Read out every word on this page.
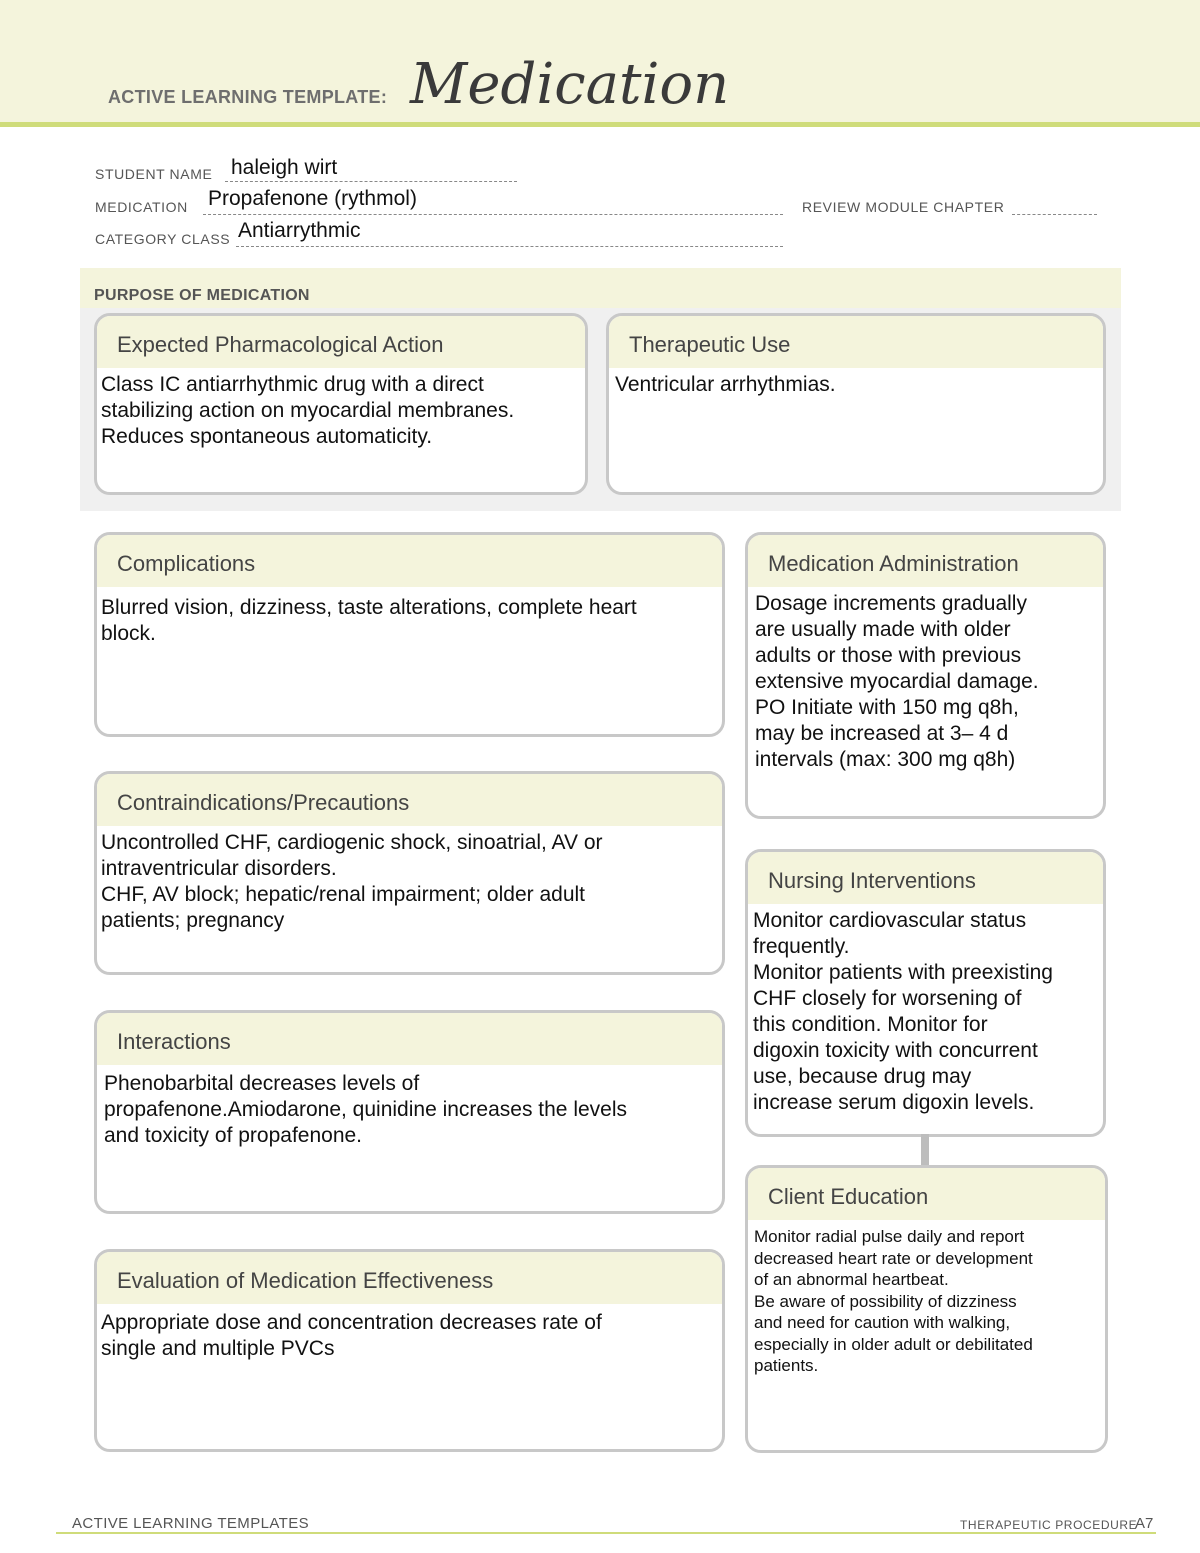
ACTIVE LEARNING TEMPLATE: Medication
STUDENT NAME haleigh wirt
MEDICATION Propafenone (rythmol)	REVIEW MODULE CHAPTER
CATEGORY CLASS Antiarrythmic
PURPOSE OF MEDICATION
Expected Pharmacological Action
Class IC antiarrhythmic drug with a direct
stabilizing action on myocardial membranes.
Reduces spontaneous automaticity.
Therapeutic Use
Ventricular arrhythmias.
Complications
Blurred vision, dizziness, taste alterations, complete heart
block.
Contraindications/Precautions
Uncontrolled CHF, cardiogenic shock, sinoatrial, AV or
intraventricular disorders.
CHF, AV block; hepatic/renal impairment; older adult
patients; pregnancy
Interactions
Phenobarbital decreases levels of
propafenone.Amiodarone, quinidine increases the levels
and toxicity of propafenone.
Evaluation of Medication Effectiveness
Appropriate dose and concentration decreases rate of
single and multiple PVCs
Medication Administration
Dosage increments gradually
are usually made with older
adults or those with previous
extensive myocardial damage.
PO Initiate with 150 mg q8h,
may be increased at 3– 4 d
intervals (max: 300 mg q8h)
Nursing Interventions
Monitor cardiovascular status
frequently.
Monitor patients with preexisting
CHF closely for worsening of
this condition. Monitor for
digoxin toxicity with concurrent
use, because drug may
increase serum digoxin levels.
Client Education
Monitor radial pulse daily and report
decreased heart rate or development
of an abnormal heartbeat.
Be aware of possibility of dizziness
and need for caution with walking,
especially in older adult or debilitated
patients.
ACTIVE LEARNING TEMPLATES	THERAPEUTIC PROCEDURE
A7
